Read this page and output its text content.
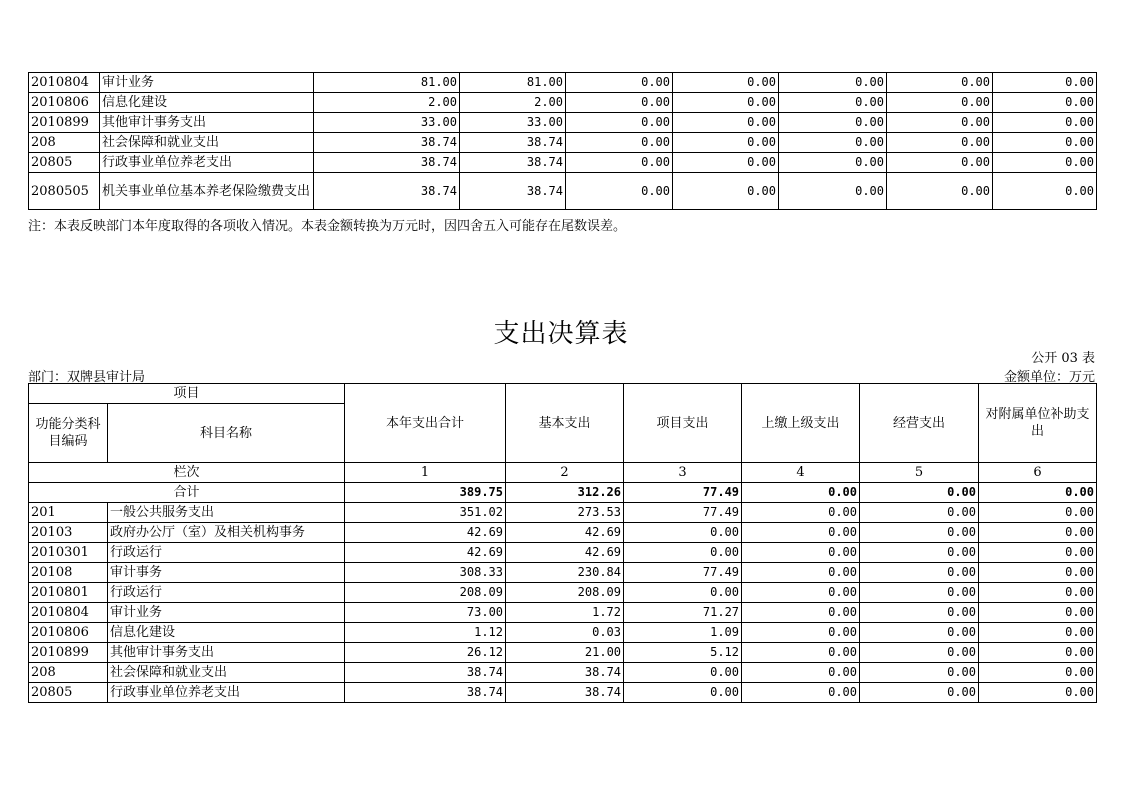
2010804	审计业务	81.00	81.00	0.00	0.00	0.00	0.00	0.00
2010806	信息化建设	2.00	2.00	0.00	0.00	0.00	0.00	0.00
2010899	其他审计事务支出	33.00	33.00	0.00	0.00	0.00	0.00	0.00
208	社会保障和就业支出	38.74	38.74	0.00	0.00	0.00	0.00	0.00
20805	行政事业单位养老支出	38.74	38.74	0.00	0.00	0.00	0.00	0.00
2080505	机关事业单位基本养老保险缴费支出	38.74	38.74	0.00	0.00	0.00	0.00	0.00
注：本表反映部门本年度取得的各项收入情况。本表金额转换为万元时，因四舍五入可能存在尾数误差。
支出决算表
公开 03 表
部门：双牌县审计局	金额单位：万元
项目		本年支出合计	基本支出	项目支出	上缴上级支出	经营支出	对附属单位补助支出
功能分类科目编码	科目名称						
栏次		1	2	3	4	5	6
合计		389.75	312.26	77.49	0.00	0.00	0.00
201	一般公共服务支出	351.02	273.53	77.49	0.00	0.00	0.00
20103	政府办公厅（室）及相关机构事务	42.69	42.69	0.00	0.00	0.00	0.00
2010301	行政运行	42.69	42.69	0.00	0.00	0.00	0.00
20108	审计事务	308.33	230.84	77.49	0.00	0.00	0.00
2010801	行政运行	208.09	208.09	0.00	0.00	0.00	0.00
2010804	审计业务	73.00	1.72	71.27	0.00	0.00	0.00
2010806	信息化建设	1.12	0.03	1.09	0.00	0.00	0.00
2010899	其他审计事务支出	26.12	21.00	5.12	0.00	0.00	0.00
208	社会保障和就业支出	38.74	38.74	0.00	0.00	0.00	0.00
20805	行政事业单位养老支出	38.74	38.74	0.00	0.00	0.00	0.00
